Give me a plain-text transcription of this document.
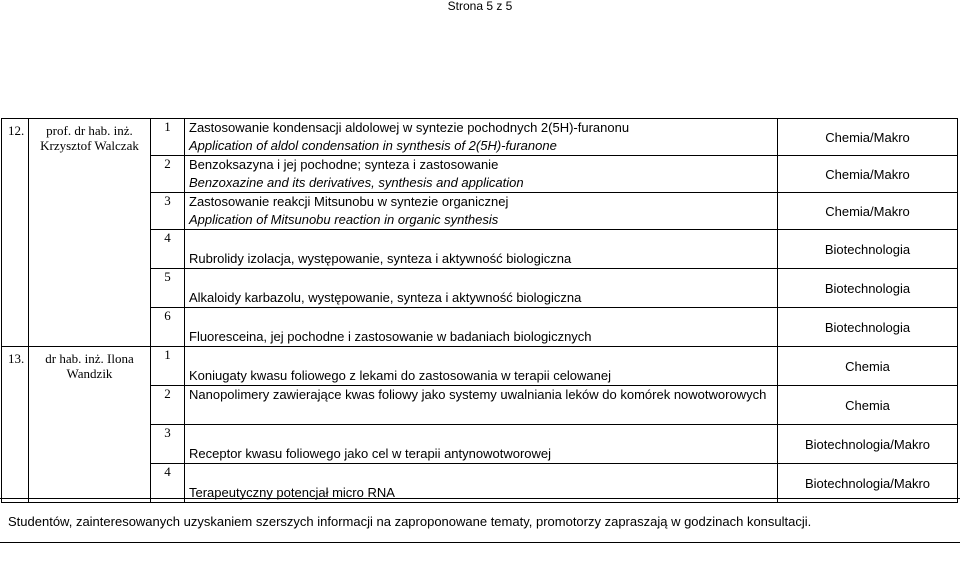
Strona 5 z 5
12.	prof. dr hab. inż. Krzysztof Walczak	1	Zastosowanie kondensacji aldolowej w syntezie pochodnych 2(5H)-furanonu
Application of aldol condensation in synthesis of 2(5H)-furanone	Chemia/Makro

		2	Benzoksazyna i jej pochodne; synteza i zastosowanie
Benzoxazine and its derivatives, synthesis and application	Chemia/Makro

		3	Zastosowanie reakcji Mitsunobu w syntezie organicznej
Application of Mitsunobu reaction in organic synthesis	Chemia/Makro

		4	Rubrolidy izolacja, występowanie, synteza i aktywność biologiczna	Biotechnologia

		5	Alkaloidy karbazolu, występowanie, synteza i aktywność biologiczna	Biotechnologia

		6	Fluoresceina, jej pochodne i zastosowanie w badaniach biologicznych	Biotechnologia

13.	dr hab. inż. Ilona Wandzik	1	Koniugaty kwasu foliowego z lekami do zastosowania w terapii celowanej	Chemia

		2	Nanopolimery zawierające kwas foliowy jako systemy uwalniania leków do komórek nowotworowych	Chemia

		3	Receptor kwasu foliowego jako cel w terapii antynowotworowej	Biotechnologia/Makro

		4	Terapeutyczny potencjał micro RNA	Biotechnologia/Makro
Studentów, zainteresowanych uzyskaniem szerszych informacji na zaproponowane tematy, promotorzy zapraszają w godzinach konsultacji.
